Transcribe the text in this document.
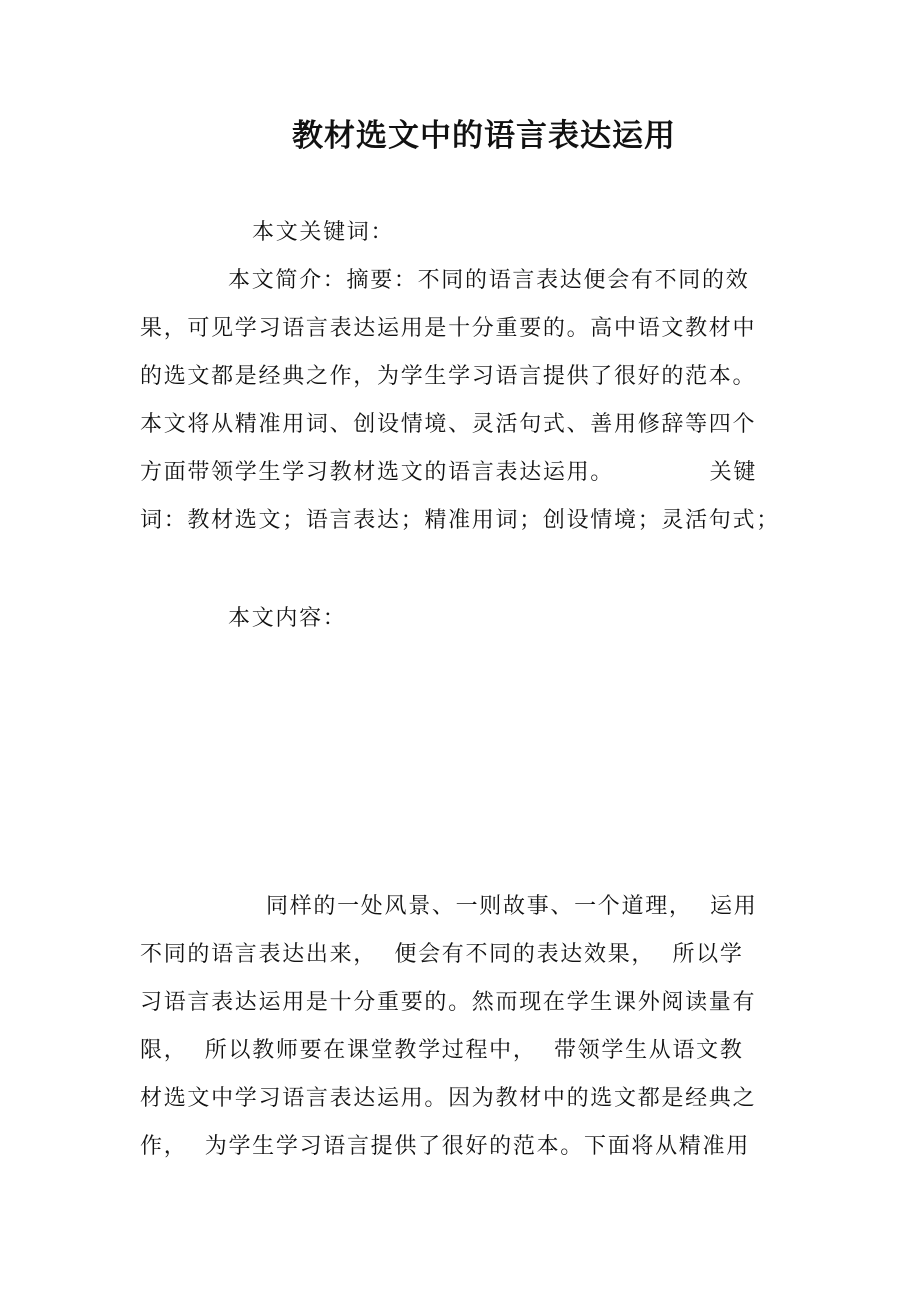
教材选文中的语言表达运用
本文关键词：
本文简介：摘要：不同的语言表达便会有不同的效
果，可见学习语言表达运用是十分重要的。高中语文教材中
的选文都是经典之作，为学生学习语言提供了很好的范本。
本文将从精准用词、创设情境、灵活句式、善用修辞等四个
方面带领学生学习教材选文的语言表达运用。           关键
词：教材选文；语言表达；精准用词；创设情境；灵活句式；
本文内容：
同样的一处风景、一则故事、一个道理，  运用
不同的语言表达出来，  便会有不同的表达效果，  所以学
习语言表达运用是十分重要的。然而现在学生课外阅读量有
限，  所以教师要在课堂教学过程中，  带领学生从语文教
材选文中学习语言表达运用。因为教材中的选文都是经典之
作，  为学生学习语言提供了很好的范本。下面将从精准用
